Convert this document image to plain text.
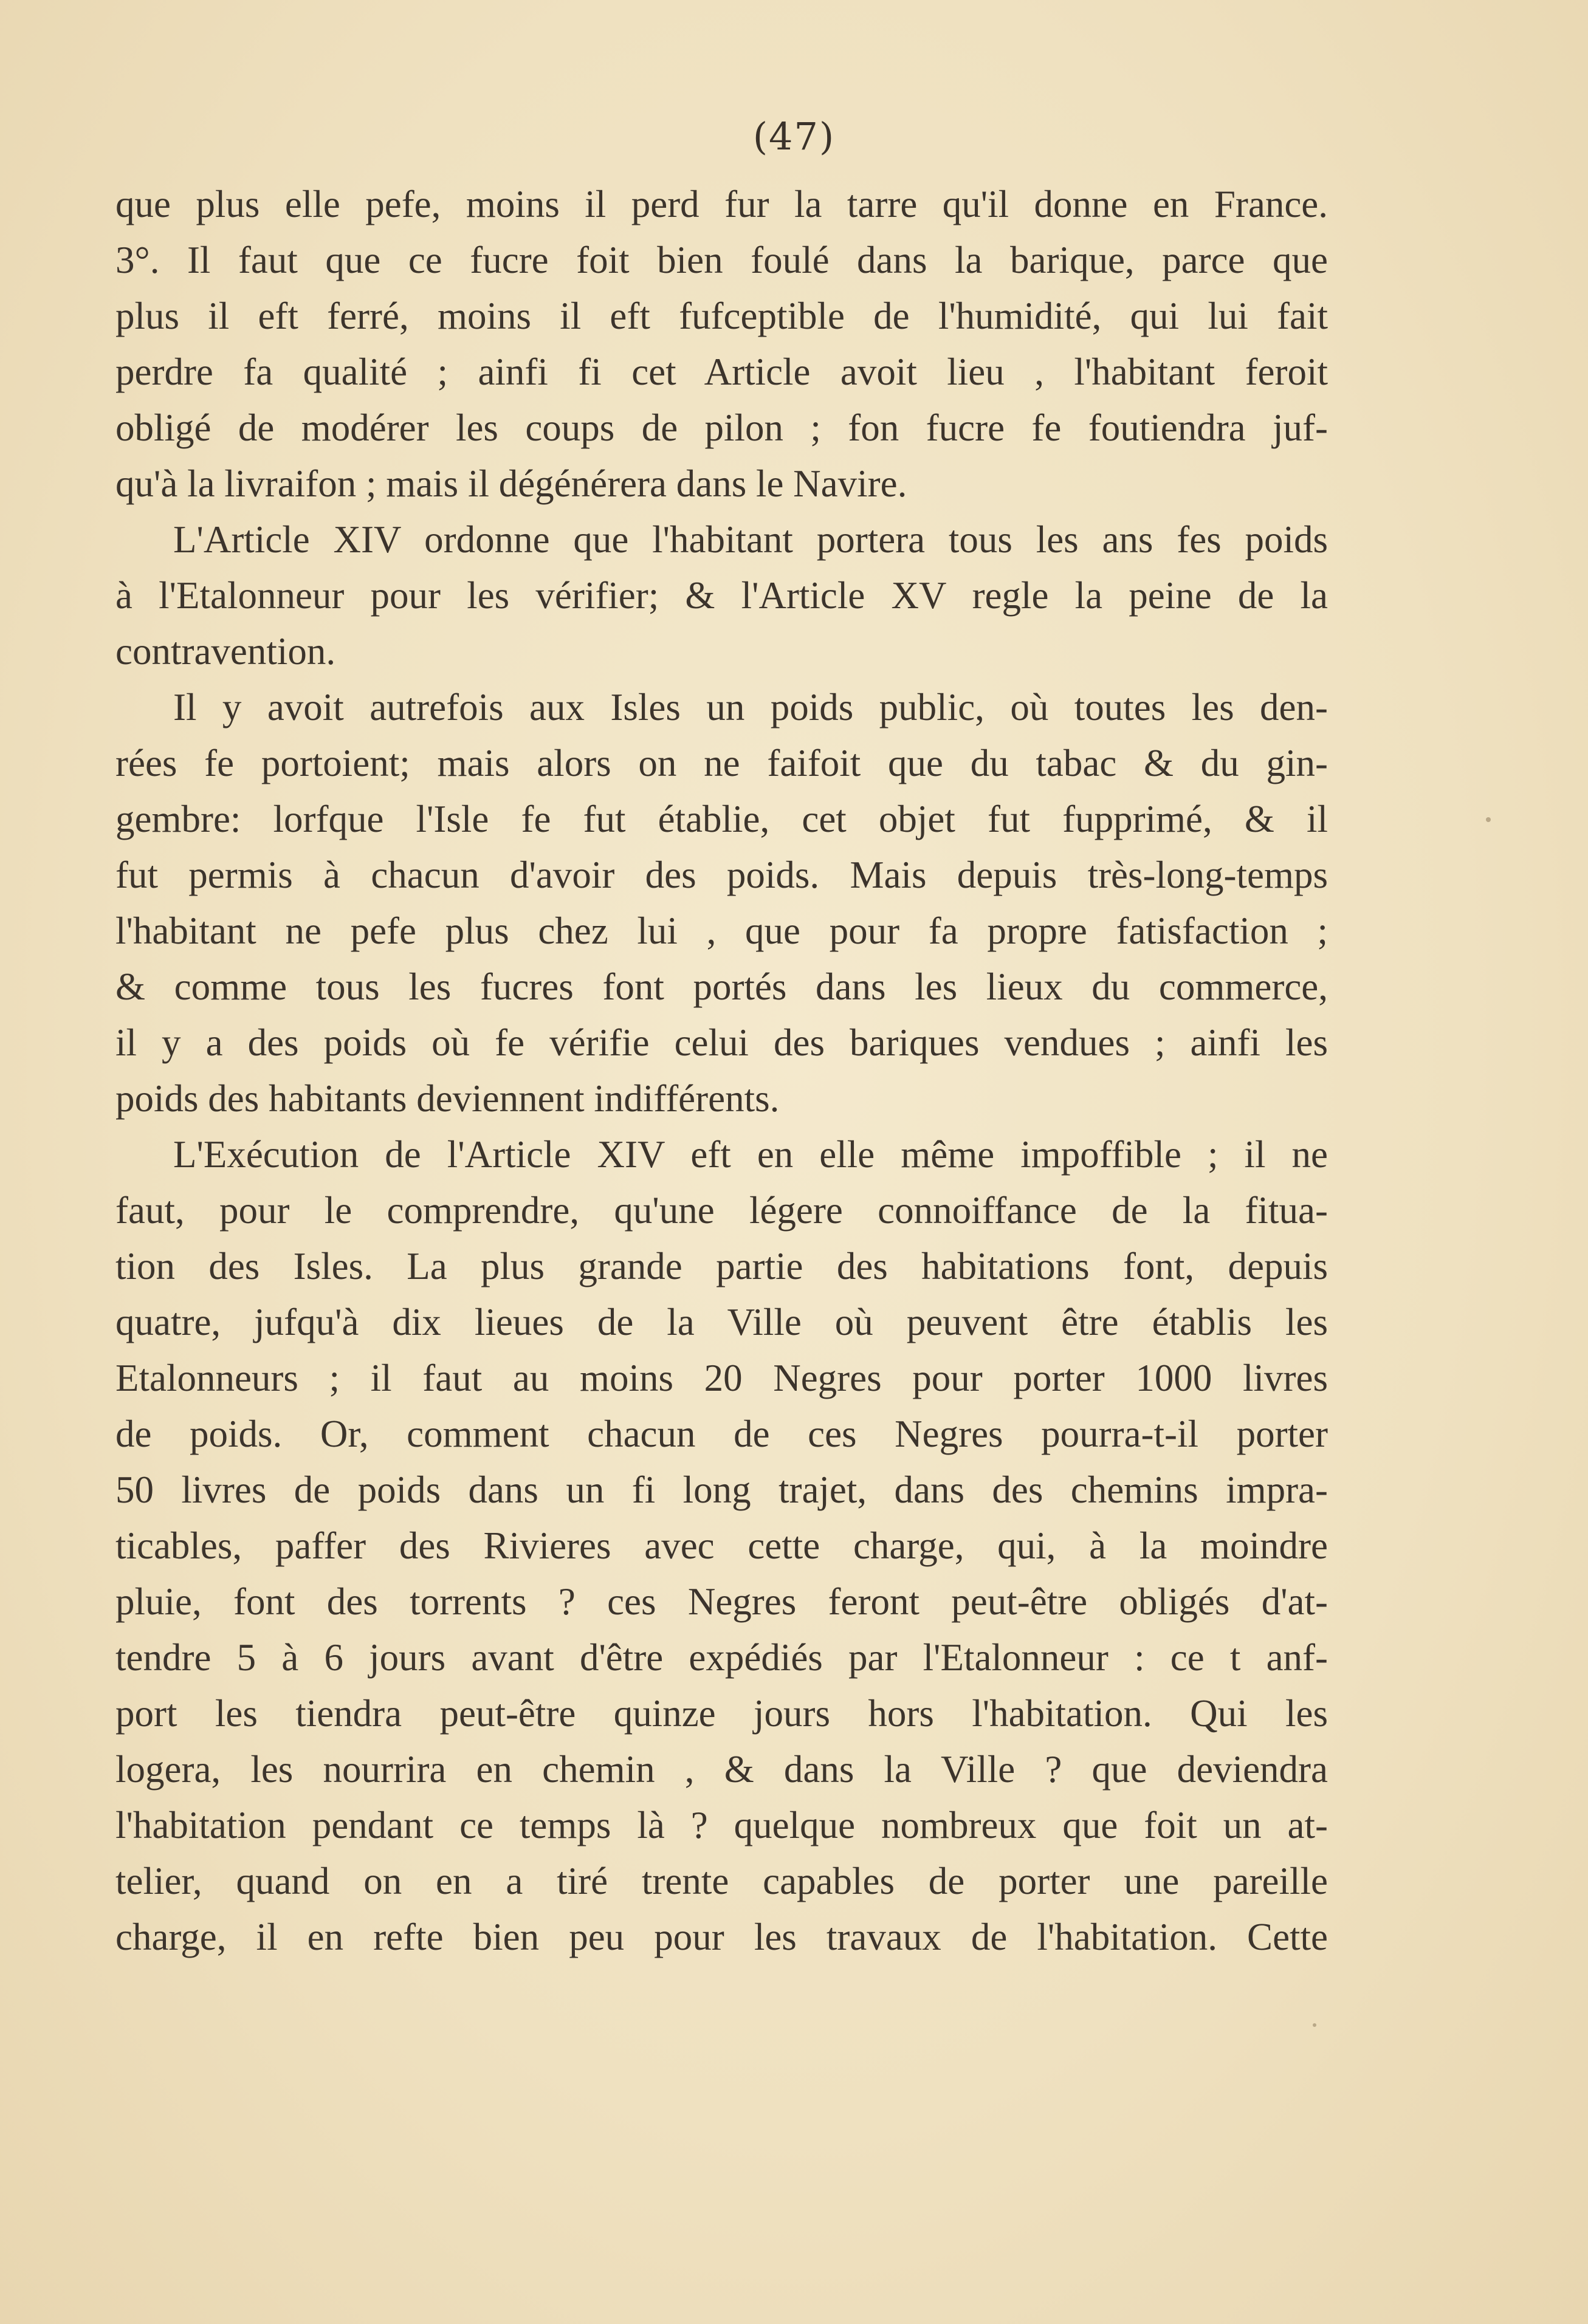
(47)
que plus elle pefe, moins il perd fur la tarre qu'il donne en France.
3°. Il faut que ce fucre foit bien foulé dans la barique, parce que
plus il eft ferré, moins il eft fufceptible de l'humidité, qui lui fait
perdre fa qualité ; ainfi fi cet Article avoit lieu , l'habitant feroit
obligé de modérer les coups de pilon ; fon fucre fe foutiendra juf-
qu'à la livraifon ; mais il dégénérera dans le Navire.
L'Article XIV ordonne que l'habitant portera tous les ans fes poids
à l'Etalonneur pour les vérifier; & l'Article XV regle la peine de la
contravention.
Il y avoit autrefois aux Isles un poids public, où toutes les den-
rées fe portoient; mais alors on ne faifoit que du tabac & du gin-
gembre: lorfque l'Isle fe fut établie, cet objet fut fupprimé, & il
fut permis à chacun d'avoir des poids. Mais depuis très-long-temps
l'habitant ne pefe plus chez lui , que pour fa propre fatisfaction ;
& comme tous les fucres font portés dans les lieux du commerce,
il y a des poids où fe vérifie celui des bariques vendues ; ainfi les
poids des habitants deviennent indifférents.
L'Exécution de l'Article XIV eft en elle même impoffible ; il ne
faut, pour le comprendre, qu'une légere connoiffance de la fitua-
tion des Isles. La plus grande partie des habitations font, depuis
quatre, jufqu'à dix lieues de la Ville où peuvent être établis les
Etalonneurs ; il faut au moins 20 Negres pour porter 1000 livres
de poids. Or, comment chacun de ces Negres pourra-t-il porter
50 livres de poids dans un fi long trajet, dans des chemins impra-
ticables, paffer des Rivieres avec cette charge, qui, à la moindre
pluie, font des torrents ? ces Negres feront peut-être obligés d'at-
tendre 5 à 6 jours avant d'être expédiés par l'Etalonneur : ce t anf-
port les tiendra peut-être quinze jours hors l'habitation. Qui les
logera, les nourrira en chemin , & dans la Ville ? que deviendra
l'habitation pendant ce temps là ? quelque nombreux que foit un at-
telier, quand on en a tiré trente capables de porter une pareille
charge, il en refte bien peu pour les travaux de l'habitation. Cette
